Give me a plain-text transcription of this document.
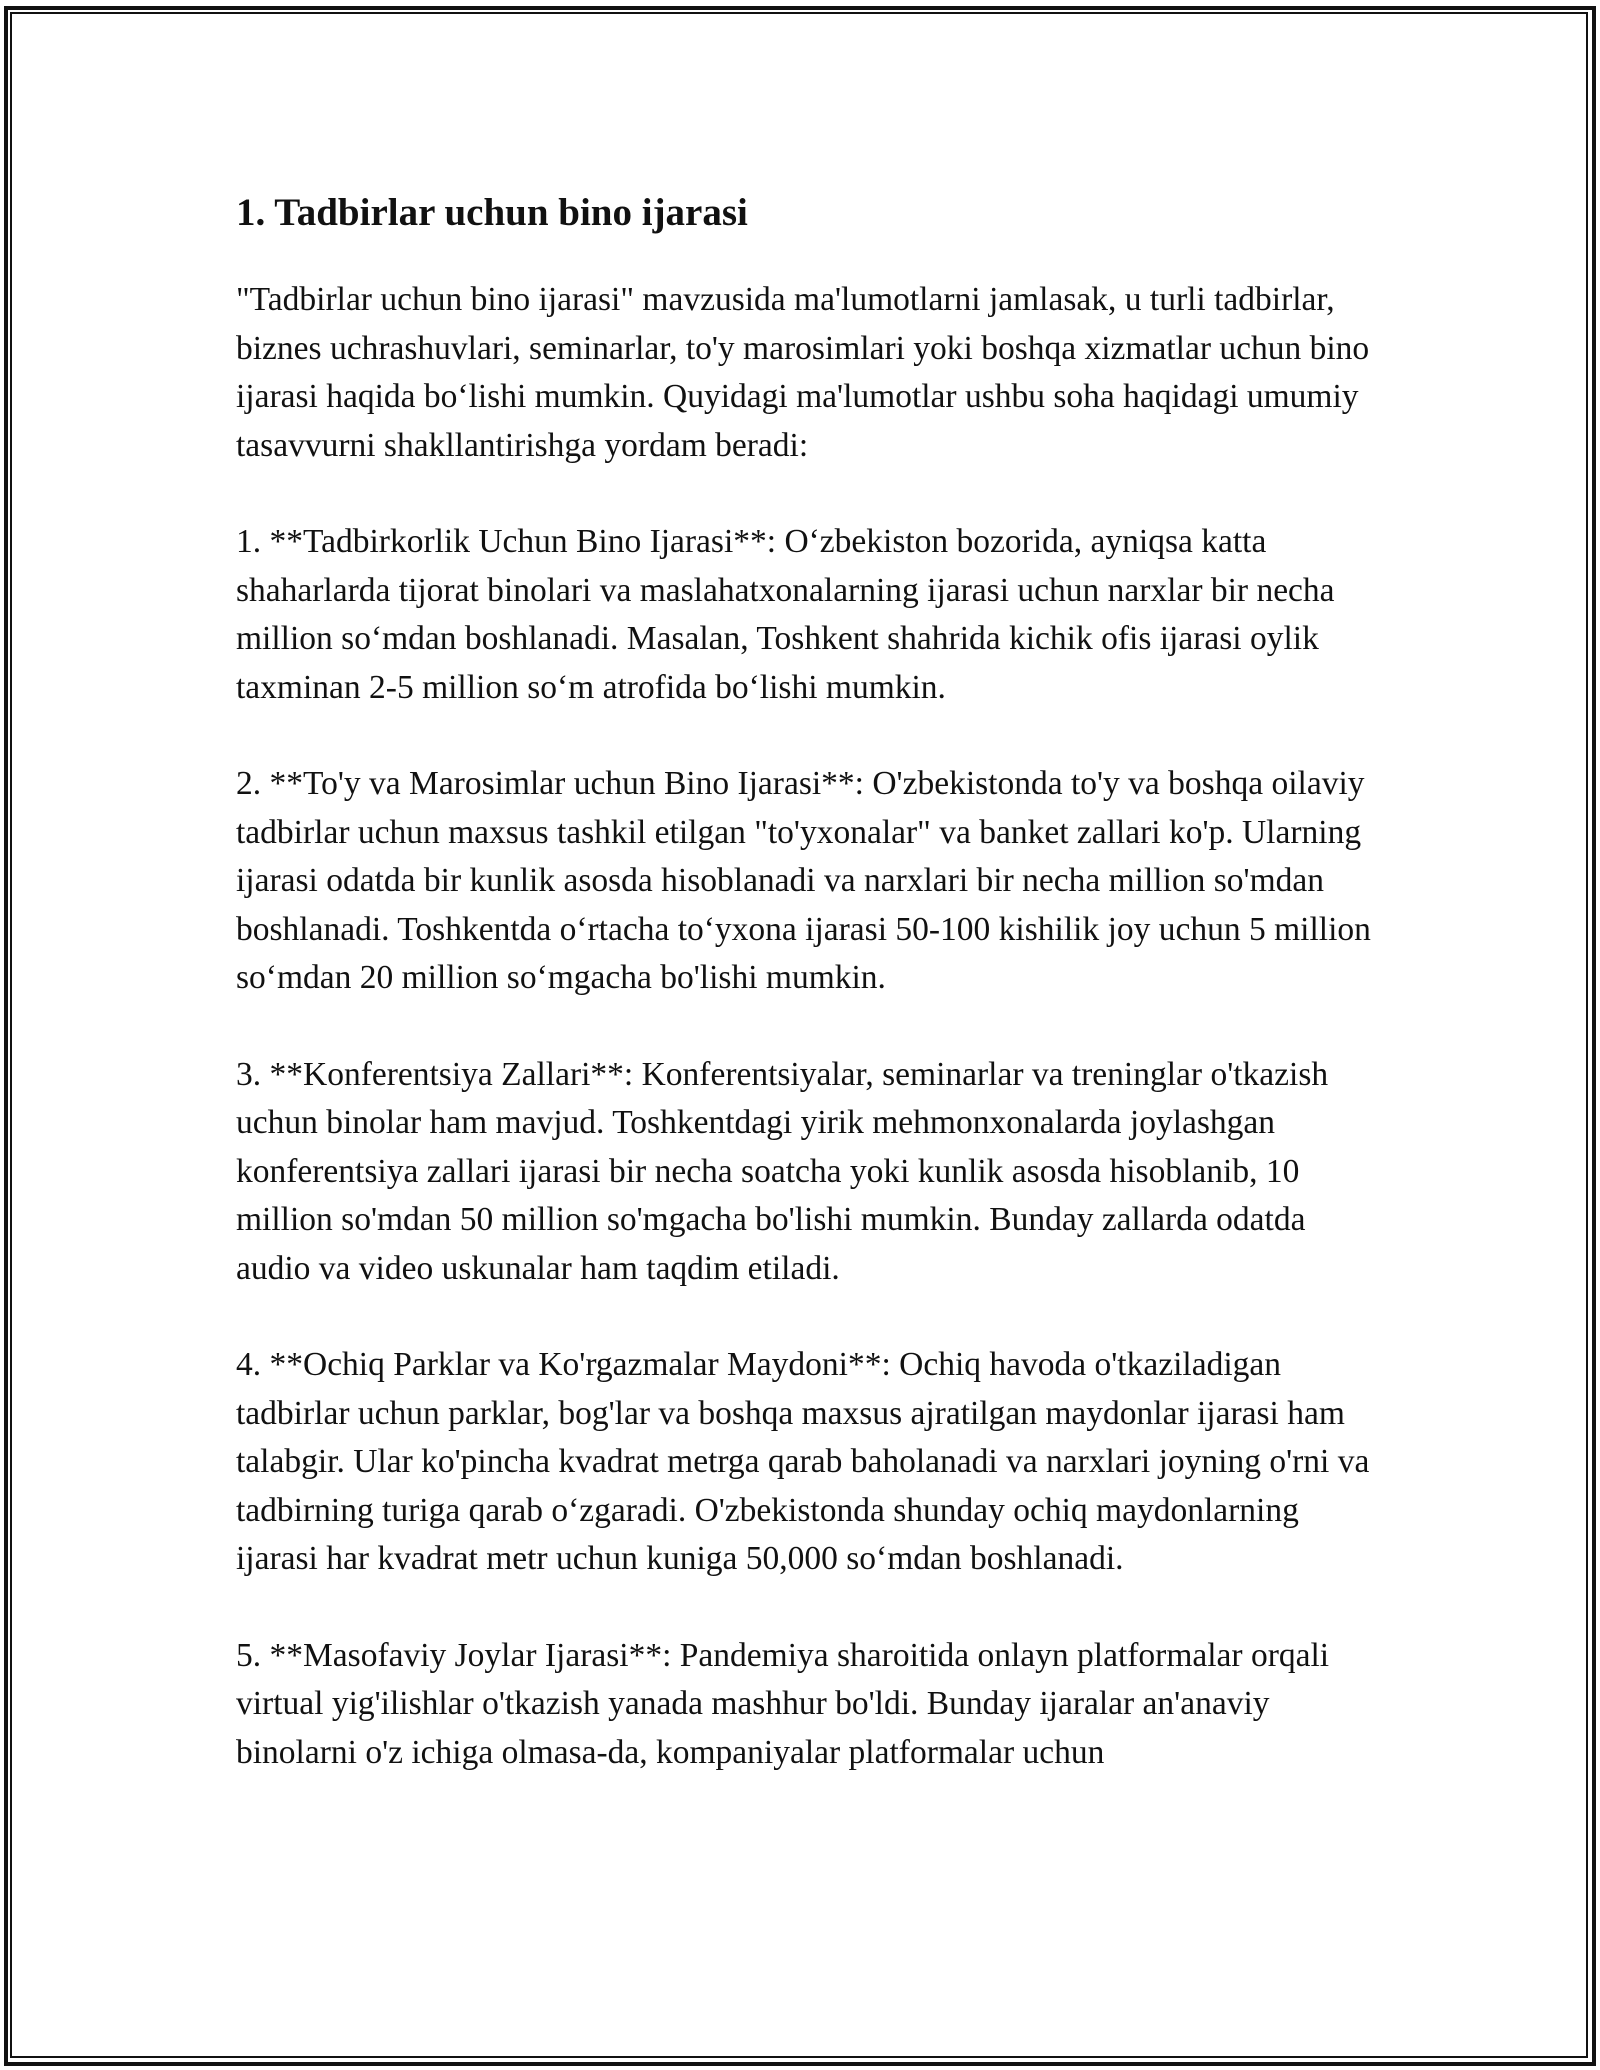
1. Tadbirlar uchun bino ijarasi

"Tadbirlar uchun bino ijarasi" mavzusida ma'lumotlarni jamlasak, u turli tadbirlar, biznes uchrashuvlari, seminarlar, to'y marosimlari yoki boshqa xizmatlar uchun bino ijarasi haqida bo‘lishi mumkin. Quyidagi ma'lumotlar ushbu soha haqidagi umumiy tasavvurni shakllantirishga yordam beradi:

1. **Tadbirkorlik Uchun Bino Ijarasi**: O‘zbekiston bozorida, ayniqsa katta shaharlarda tijorat binolari va maslahatxonalarning ijarasi uchun narxlar bir necha million so‘mdan boshlanadi. Masalan, Toshkent shahrida kichik ofis ijarasi oylik taxminan 2-5 million so‘m atrofida bo‘lishi mumkin.

2. **To'y va Marosimlar uchun Bino Ijarasi**: O'zbekistonda to'y va boshqa oilaviy tadbirlar uchun maxsus tashkil etilgan "to'yxonalar" va banket zallari ko'p. Ularning ijarasi odatda bir kunlik asosda hisoblanadi va narxlari bir necha million so'mdan boshlanadi. Toshkentda o‘rtacha to‘yxona ijarasi 50-100 kishilik joy uchun 5 million so‘mdan 20 million so‘mgacha bo'lishi mumkin.

3. **Konferentsiya Zallari**: Konferentsiyalar, seminarlar va treninglar o'tkazish uchun binolar ham mavjud. Toshkentdagi yirik mehmonxonalarda joylashgan konferentsiya zallari ijarasi bir necha soatcha yoki kunlik asosda hisoblanib, 10 million so'mdan 50 million so'mgacha bo'lishi mumkin. Bunday zallarda odatda audio va video uskunalar ham taqdim etiladi.

4. **Ochiq Parklar va Ko'rgazmalar Maydoni**: Ochiq havoda o'tkaziladigan tadbirlar uchun parklar, bog'lar va boshqa maxsus ajratilgan maydonlar ijarasi ham talabgir. Ular ko'pincha kvadrat metrga qarab baholanadi va narxlari joyning o'rni va tadbirning turiga qarab o‘zgaradi. O'zbekistonda shunday ochiq maydonlarning ijarasi har kvadrat metr uchun kuniga 50,000 so‘mdan boshlanadi.

5. **Masofaviy Joylar Ijarasi**: Pandemiya sharoitida onlayn platformalar orqali virtual yig'ilishlar o'tkazish yanada mashhur bo'ldi. Bunday ijaralar an'anaviy binolarni o'z ichiga olmasa-da, kompaniyalar platformalar uchun
